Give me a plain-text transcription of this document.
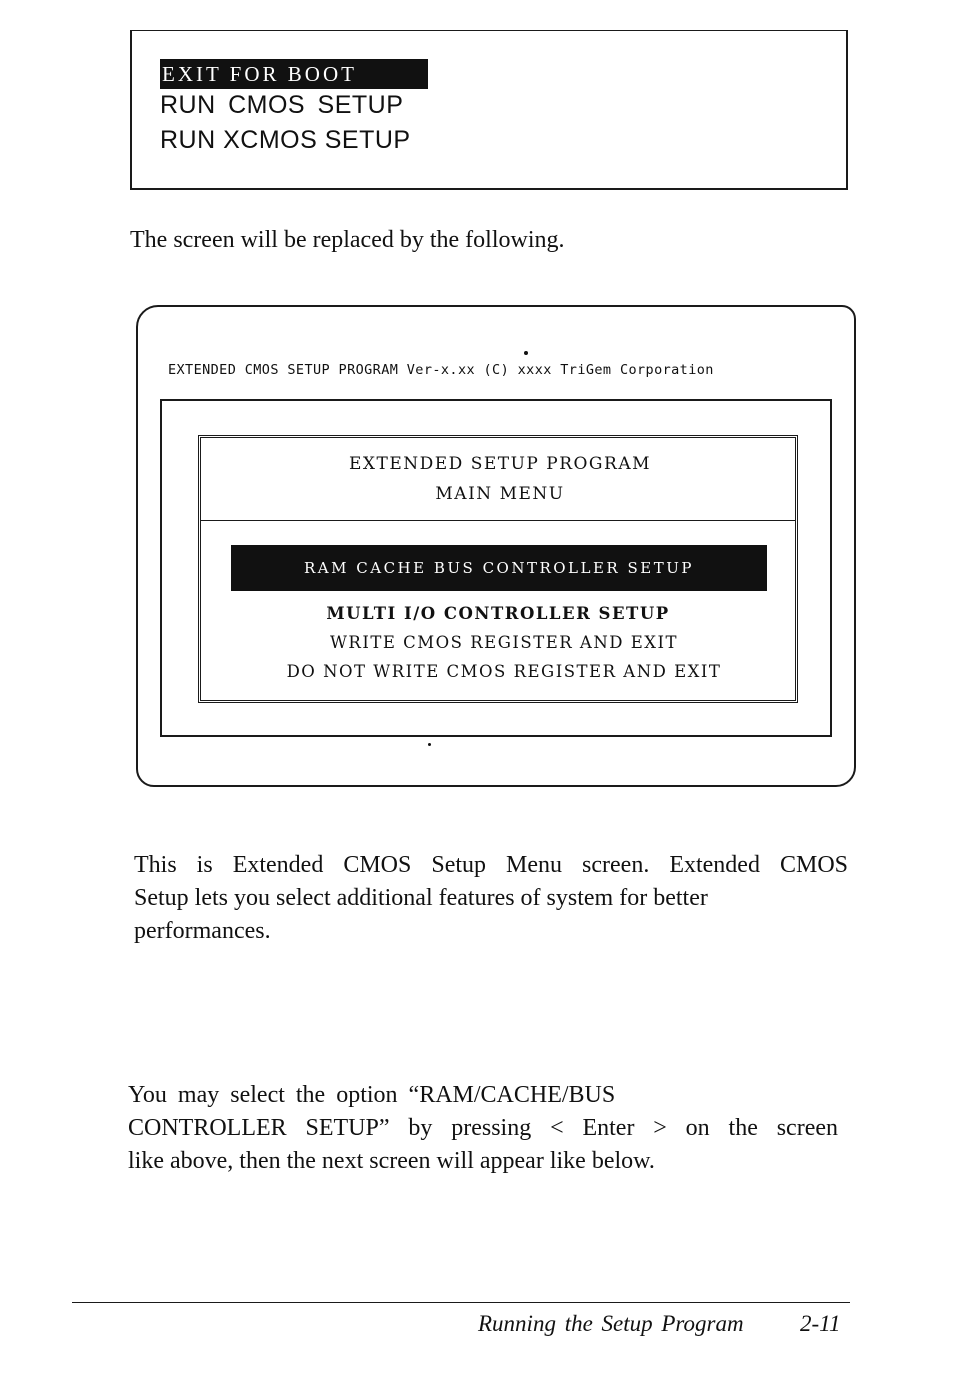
EXIT FOR BOOT
RUN CMOS SETUP
RUN XCMOS SETUP
The screen will be replaced by the following.
EXTENDED CMOS SETUP PROGRAM Ver-x.xx (C) xxxx TriGem Corporation
EXTENDED SETUP PROGRAM
MAIN MENU
RAM CACHE BUS CONTROLLER SETUP
MULTI I/O CONTROLLER SETUP
WRITE CMOS REGISTER AND EXIT
DO NOT WRITE CMOS REGISTER AND EXIT
This is Extended CMOS Setup Menu screen. Extended CMOS
Setup lets you select additional features of system for better
performances.
You may select the option “RAM/CACHE/BUS
CONTROLLER SETUP” by pressing < Enter > on the screen
like above, then the next screen will appear like below.
Running the Setup Program 2-11
